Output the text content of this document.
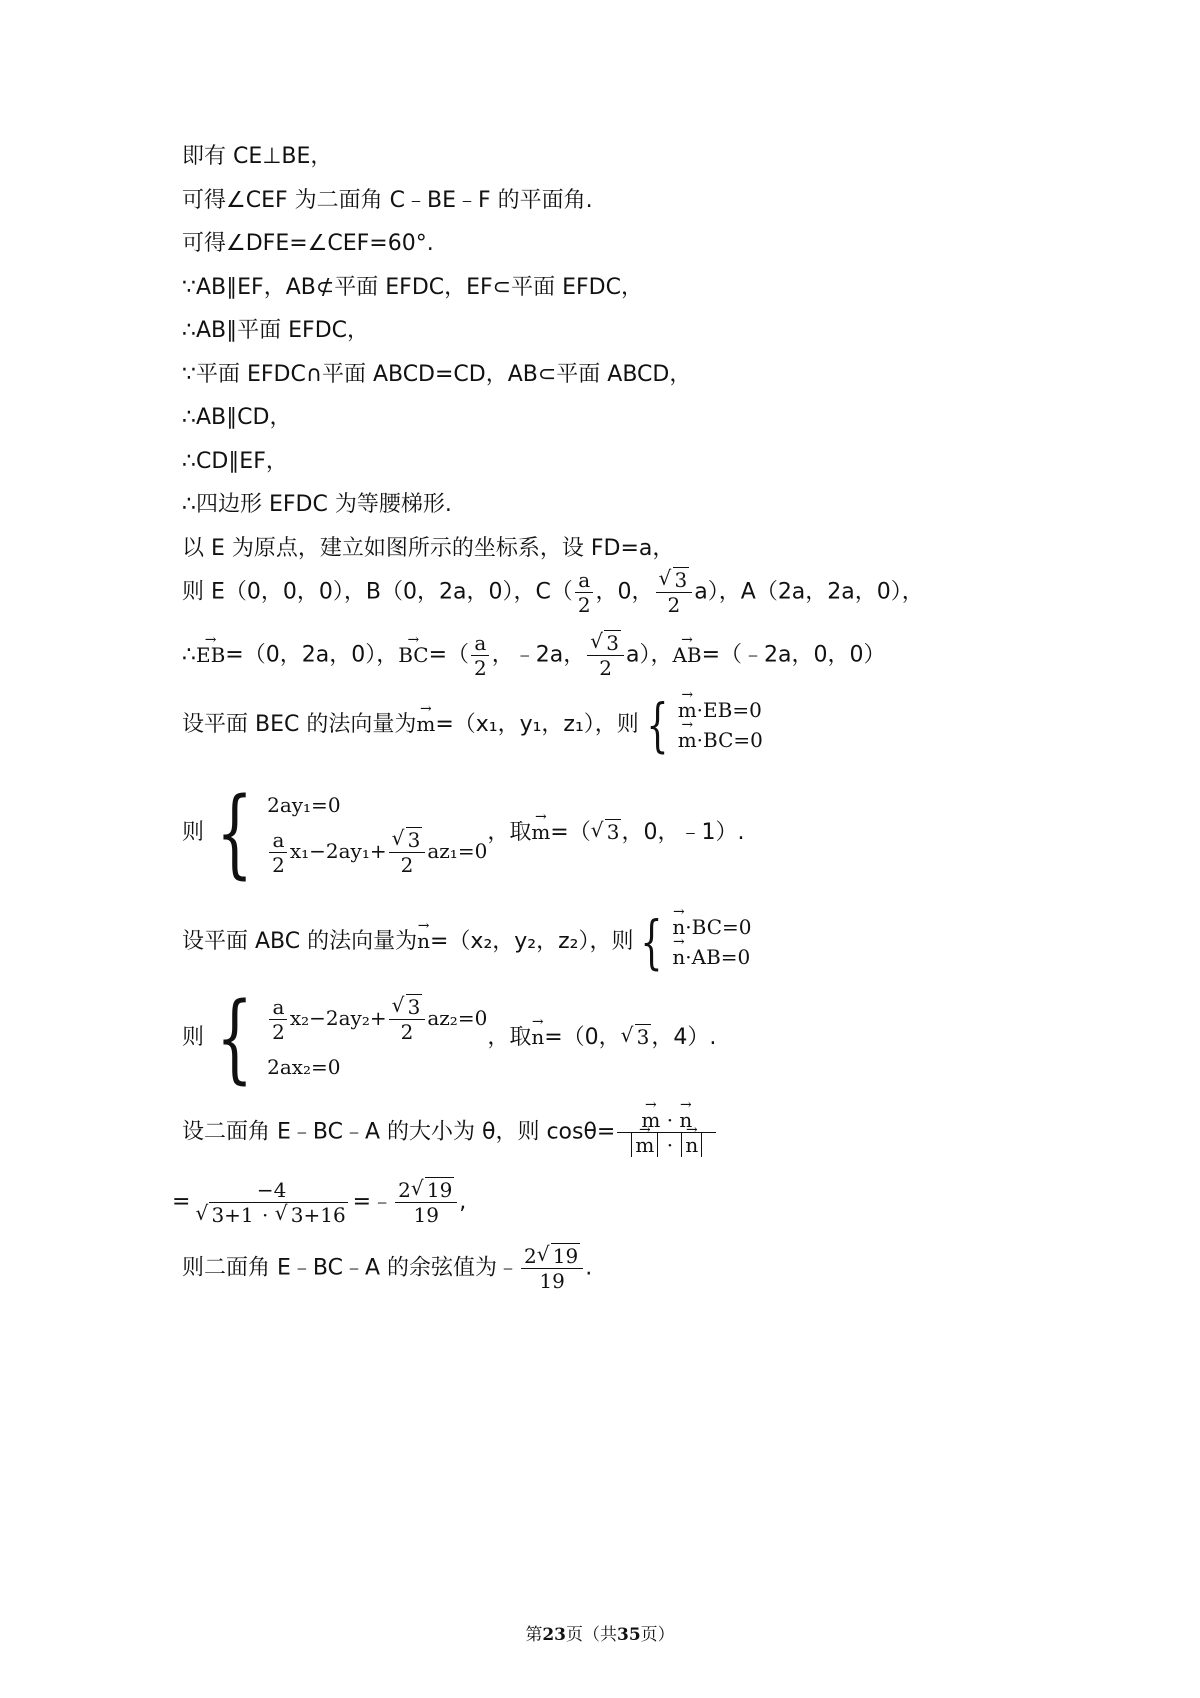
即有 CE⊥BE，
可得∠CEF 为二面角 C﹣BE﹣F 的平面角.
可得∠DFE=∠CEF=60°.
∵AB∥EF，AB⊄平面 EFDC，EF⊂平面 EFDC，
∴AB∥平面 EFDC，
∵平面 EFDC∩平面 ABCD=CD，AB⊂平面 ABCD，
∴AB∥CD，
∴CD∥EF，
∴四边形 EFDC 为等腰梯形.
以 E 为原点，建立如图所示的坐标系，设 FD=a，
则 E（0，0，0），B（0，2a，0），$C( \frac{a}{2}$ ，0， √ $\frac{3}{2} a$），A（2a，2a，0），
∴→ EB=（0，2a，0），→ $BC=( \frac{a}{2}$ ，﹣2a， √ $\frac{3}{2} a$），→ AB=（﹣2a，0，0）
设平面 BEC 的法向量为→ m=（x₁，y₁，z₁），则 { → m·EB=0
→ m·BC=0
则 { 2ay₁=0
$\frac{a}{2} x_1-2ay_1+$ √ $\frac{3}{2} az_1=0$
，取→ m=（ √ 3，0，﹣1）.
设平面 ABC 的法向量为→ n=（x₂，y₂，z₂），则 { → n·BC=0
→ n·AB=0
则 { $\frac{a}{2} x_2-2ay_2+$ √ $\frac{3}{2} az_2=0$
2ax₂=0
，取→ n=（0， √ 3，4）.
设二面角 E﹣BC﹣A 的大小为 θ，则 cosθ= → m · → n
→ m · → n
= −4
√ 3+1 · √ 3+16 =﹣ $\frac{2 √ 19}{19}$ ,
则二面角 E﹣BC﹣A 的余弦值为﹣ $\frac{2 √ 19}{19}$ .
第23页（共35页）
